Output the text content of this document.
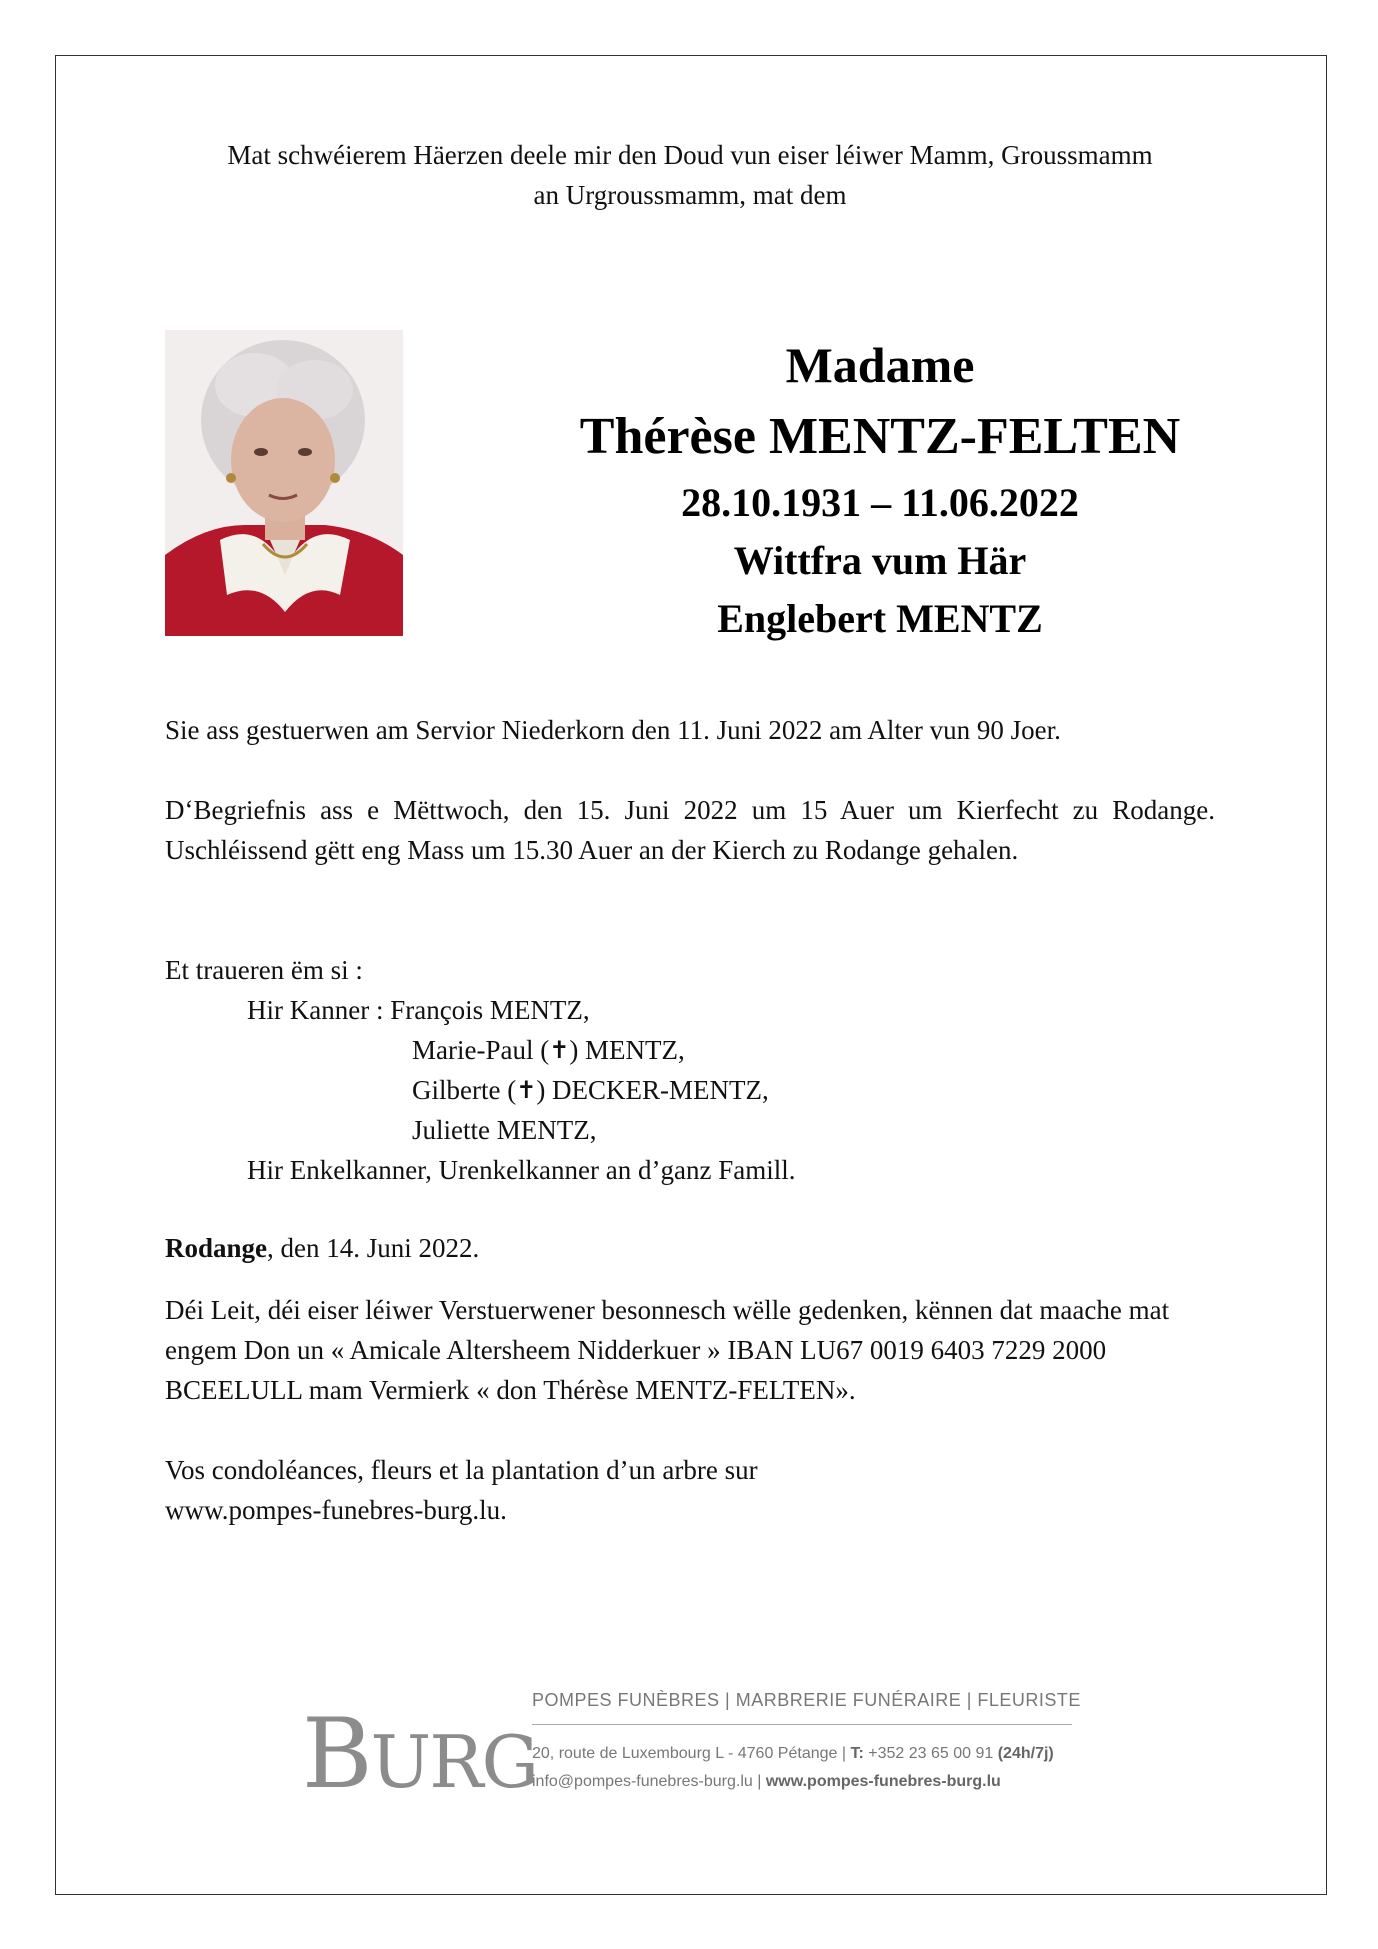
Mat schwéierem Häerzen deele mir den Doud vun eiser léiwer Mamm, Groussmamm
an Urgroussmamm, mat dem
Madame
Thérèse MENTZ-FELTEN
28.10.1931 – 11.06.2022
Wittfra vum Här
Englebert MENTZ
Sie ass gestuerwen am Servior Niederkorn den 11. Juni 2022 am Alter vun 90 Joer.
D‘Begriefnis ass e Mëttwoch, den 15. Juni 2022 um 15 Auer um Kierfecht zu Rodange. Uschléissend gëtt eng Mass um 15.30 Auer an der Kierch zu Rodange gehalen.
Et traueren ëm si :
Hir Kanner : François MENTZ,
Marie-Paul (✝) MENTZ,
Gilberte (✝) DECKER-MENTZ,
Juliette MENTZ,
Hir Enkelkanner, Urenkelkanner an d’ganz Famill.
Rodange, den 14. Juni 2022.
Déi Leit, déi eiser léiwer Verstuerwener besonnesch wëlle gedenken, kënnen dat maache mat engem Don un « Amicale Altersheem Nidderkuer » IBAN LU67 0019 6403 7229 2000 BCEELULL mam Vermierk « don Thérèse MENTZ-FELTEN».
Vos condoléances, fleurs et la plantation d’un arbre sur
www.pompes-funebres-burg.lu.
BURG
POMPES FUNÈBRES | MARBRERIE FUNÉRAIRE | FLEURISTE
20, route de Luxembourg L - 4760 Pétange | T: +352 23 65 00 91 (24h/7j)
info@pompes-funebres-burg.lu | www.pompes-funebres-burg.lu
